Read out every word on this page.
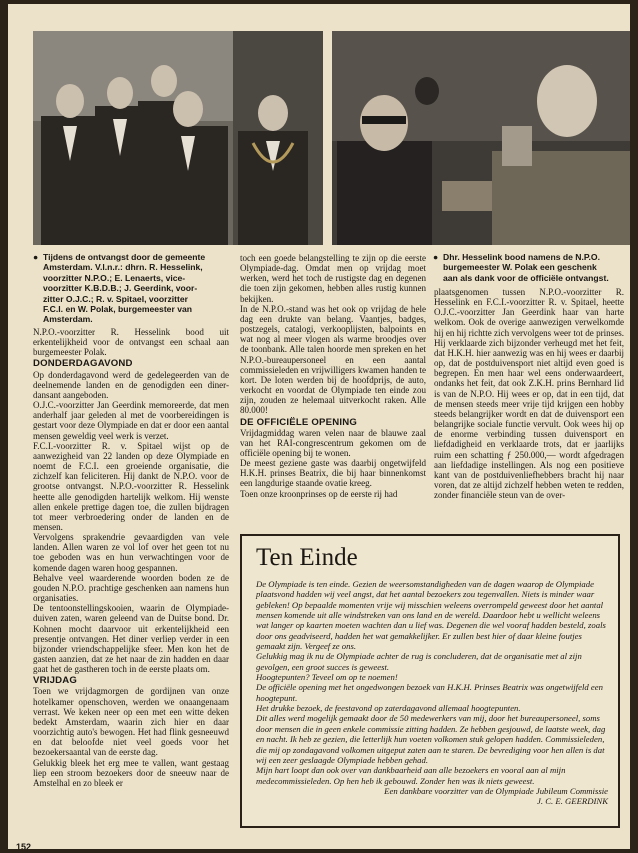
● Tijdens de ontvangst door de gemeente
Amsterdam. V.l.n.r.: dhrn. R. Hesselink,
voorzitter N.P.O.; E. Lenaerts, vice-
voorzitter K.B.D.B.; J. Geerdink, voor-
zitter O.J.C.; R. v. Spitael, voorzitter
F.C.I. en W. Polak, burgemeester van
Amsterdam.
● Dhr. Hesselink bood namens de N.P.O.
burgemeester W. Polak een geschenk
aan als dank voor de officiële ontvangst.

N.P.O.-voorzitter R. Hesselink bood uit erkentelijkheid voor de ontvangst een schaal aan burgemeester Polak.

DONDERDAGAVOND

Op donderdagavond werd de gedelegeerden van de deelnemende landen en de genodigden een diner-dansant aangeboden.

O.J.C.-voorzitter Jan Geerdink memoreerde, dat men anderhalf jaar geleden al met de voorbereidingen is gestart voor deze Olympiade en dat er door een aantal mensen geweldig veel werk is verzet.

F.C.I.-voorzitter R. v. Spitael wijst op de aanwezigheid van 22 landen op deze Olympiade en noemt de F.C.I. een groeiende organisatie, die zichzelf kan feliciteren. Hij dankt de N.P.O. voor de grootse ontvangst. N.P.O.-voorzitter R. Hesselink heette alle genodigden hartelijk welkom. Hij wenste allen enkele prettige dagen toe, die zullen bijdragen tot meer verbroedering onder de landen en de mensen.

Vervolgens sprakendrie gevaardigden van vele landen. Allen waren ze vol lof over het geen tot nu toe geboden was en hun verwachtingen voor de komende dagen waren hoog gespannen.

Behalve veel waarderende woorden boden ze de gouden N.P.O. prachtige geschenken aan namens hun organisaties.

De tentoonstellingskooien, waarin de Olympiade-duiven zaten, waren geleend van de Duitse bond. Dr. Kohnen mocht daarvoor uit erkentelijkheid een presentje ontvangen. Het diner verliep verder in een bijzonder vriendschappelijke sfeer. Men kon het de gasten aanzien, dat ze het naar de zin hadden en daar gaat het de gastheren toch in de eerste plaats om.

VRIJDAG

Toen we vrijdagmorgen de gordijnen van onze hotelkamer openschoven, werden we onaangenaam verrast. We keken neer op een met een witte deken bedekt Amsterdam, waarin zich hier en daar voorzichtig auto's bewogen. Het had flink gesneeuwd en dat beloofde niet veel goeds voor het bezoekersaantal van de eerste dag.

Gelukkig bleek het erg mee te vallen, want gestaag liep een stroom bezoekers door de sneeuw naar de Amstelhal en zo bleek er

toch een goede belangstelling te zijn op die eerste Olympiade-dag. Omdat men op vrijdag moet werken, werd het toch de rustigste dag en degenen die toen zijn gekomen, hebben alles rustig kunnen bekijken.

In de N.P.O.-stand was het ook op vrijdag de hele dag een drukte van belang. Vaantjes, badges, postzegels, catalogi, verkooplijsten, balpoints en wat nog al meer vlogen als warme broodjes over de toonbank. Alle talen hoorde men spreken en het N.P.O.-bureaupersoneel en een aantal commissieleden en vrijwilligers kwamen handen te kort. De loten werden bij de hoofdprijs, de auto, verkocht en voordat de Olympiade ten einde zou zijn, zouden ze helemaal uitverkocht raken. Alle 80.000!

DE OFFICIËLE OPENING

Vrijdagmiddag waren velen naar de blauwe zaal van het RAI-congrescentrum gekomen om de officiële opening bij te wonen.

De meest geziene gaste was daarbij ongetwijfeld H.K.H. prinses Beatrix, die bij haar binnenkomst een langdurige staande ovatie kreeg.

Toen onze kroonprinses op de eerste rij had

plaatsgenomen tussen N.P.O.-voorzitter R. Hesselink en F.C.I.-voorzitter R. v. Spitael, heette O.J.C.-voorzitter Jan Geerdink haar van harte welkom. Ook de overige aanwezigen verwelkomde hij en hij richtte zich vervolgens weer tot de prinses. Hij verklaarde zich bijzonder verheugd met het feit, dat H.K.H. hier aanwezig was en hij wees er daarbij op, dat de postduivensport niet altijd even goed is begrepen. En men haar wel eens onderwaardeert, ondanks het feit, dat ook Z.K.H. prins Bernhard lid is van de N.P.O. Hij wees er op, dat in een tijd, dat de mensen steeds meer vrije tijd krijgen een hobby steeds belangrijker wordt en dat de duivensport een belangrijke sociale functie vervult. Ook wees hij op de enorme verbinding tussen duivensport en liefdadigheid en verklaarde trots, dat er jaarlijks ruim een schatting ƒ 250.000,— wordt afgedragen aan liefdadige instellingen. Als nog een positieve kant van de postduivenliefhebbers bracht hij naar voren, dat ze altijd zichzelf hebben weten te redden, zonder financiële steun van de over-

Ten Einde

De Olympiade is ten einde. Gezien de weersomstandigheden van de dagen waarop de Olympiade plaatsvond hadden wij veel angst, dat het aantal bezoekers zou tegenvallen. Niets is minder waar gebleken! Op bepaalde momenten vrije wij misschien weleens overrompeld geweest door het aantal mensen komende uit alle windstreken van ons land en de wereld. Daardoor hebt u wellicht weleens wat langer op kaarten moeten wachten dan u lief was. Degenen die wel vooraf hadden besteld, zoals door ons geadviseerd, hadden het wat gemakkelijker. Er zullen best hier of daar kleine foutjes gemaakt zijn. Vergeef ze ons.

Gelukkig mag ik nu de Olympiade achter de rug is concluderen, dat de organisatie met al zijn gevolgen, een groot succes is geweest.

Hoogtepunten? Teveel om op te noemen!

De officiële opening met het ongedwongen bezoek van H.K.H. Prinses Beatrix was ongetwijfeld een hoogtepunt.

Het drukke bezoek, de feestavond op zaterdagavond allemaal hoogtepunten.

Dit alles werd mogelijk gemaakt door de 50 medewerkers van mij, door het bureaupersoneel, soms door mensen die in geen enkele commissie zitting hadden. Ze hebben gesjouwd, de laatste week, dag en nacht. Ik heb ze gezien, die letterlijk hun voeten volkomen stuk gelopen hadden. Commissieleden, die mij op zondagavond volkomen uitgeput zaten aan te staren. De bevrediging voor hen allen is dat wij een zeer geslaagde Olympiade hebben gehad.

Mijn hart loopt dan ook over van dankbaarheid aan alle bezoekers en vooral aan al mijn medecommissieleden. Op hen heb ik gebouwd. Zonder hen was ik niets geweest.

Een dankbare voorzitter van de Olympiade Jubileum Commissie

J. C. E. GEERDINK

152
